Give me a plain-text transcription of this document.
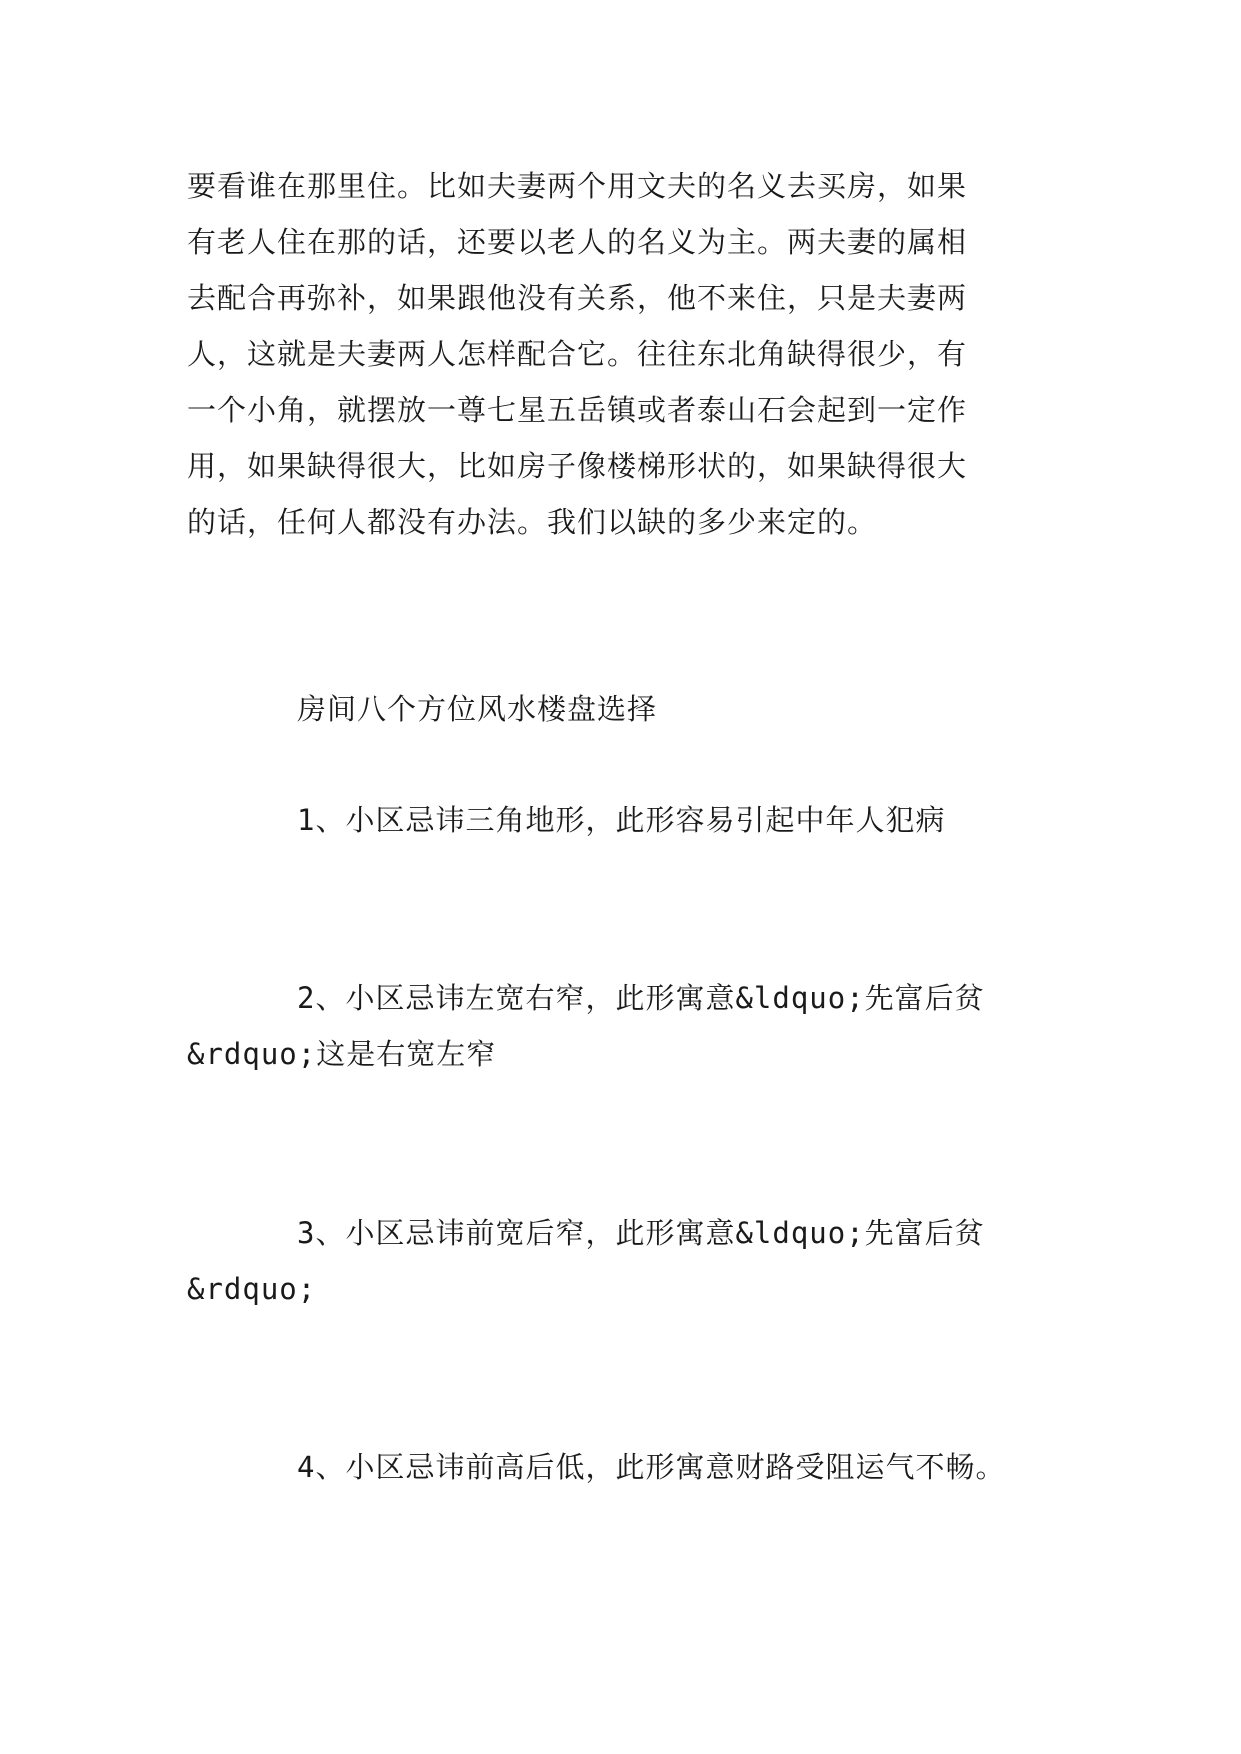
要看谁在那里住。比如夫妻两个用文夫的名义去买房，如果
有老人住在那的话，还要以老人的名义为主。两夫妻的属相
去配合再弥补，如果跟他没有关系，他不来住，只是夫妻两
人，这就是夫妻两人怎样配合它。往往东北角缺得很少，有
一个小角，就摆放一尊七星五岳镇或者泰山石会起到一定作
用，如果缺得很大，比如房子像楼梯形状的，如果缺得很大
的话，任何人都没有办法。我们以缺的多少来定的。
房间八个方位风水楼盘选择
1、小区忌讳三角地形，此形容易引起中年人犯病
2、小区忌讳左宽右窄，此形寓意&ldquo;先富后贫
&rdquo;这是右宽左窄
3、小区忌讳前宽后窄，此形寓意&ldquo;先富后贫
&rdquo;
4、小区忌讳前高后低，此形寓意财路受阻运气不畅。
